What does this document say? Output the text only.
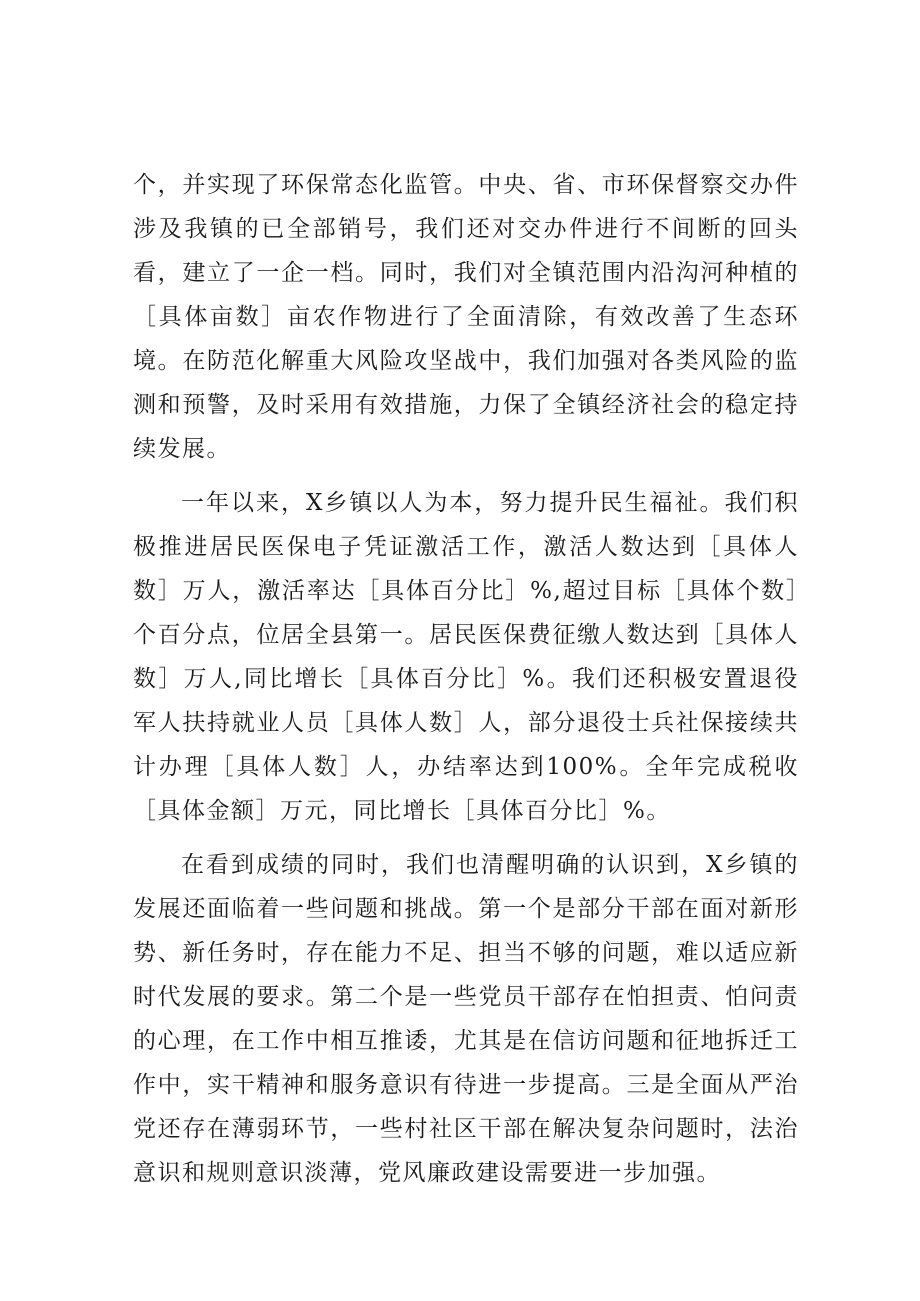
个，并实现了环保常态化监管。中央、省、市环保督察交办件涉及我镇的已全部销号，我们还对交办件进行不间断的回头看，建立了一企一档。同时，我们对全镇范围内沿沟河种植的［具体亩数］亩农作物进行了全面清除，有效改善了生态环境。在防范化解重大风险攻坚战中，我们加强对各类风险的监测和预警，及时采用有效措施，力保了全镇经济社会的稳定持续发展。

一年以来，X乡镇以人为本，努力提升民生福祉。我们积极推进居民医保电子凭证激活工作，激活人数达到［具体人数］万人，激活率达［具体百分比］%,超过目标［具体个数］个百分点，位居全县第一。居民医保费征缴人数达到［具体人数］万人,同比增长［具体百分比］%。我们还积极安置退役军人扶持就业人员［具体人数］人，部分退役士兵社保接续共计办理［具体人数］人，办结率达到100%。全年完成税收［具体金额］万元，同比增长［具体百分比］%。

在看到成绩的同时，我们也清醒明确的认识到，X乡镇的发展还面临着一些问题和挑战。第一个是部分干部在面对新形势、新任务时，存在能力不足、担当不够的问题，难以适应新时代发展的要求。第二个是一些党员干部存在怕担责、怕问责的心理，在工作中相互推诿，尤其是在信访问题和征地拆迁工作中，实干精神和服务意识有待进一步提高。三是全面从严治党还存在薄弱环节，一些村社区干部在解决复杂问题时，法治意识和规则意识淡薄，党风廉政建设需要进一步加强。
